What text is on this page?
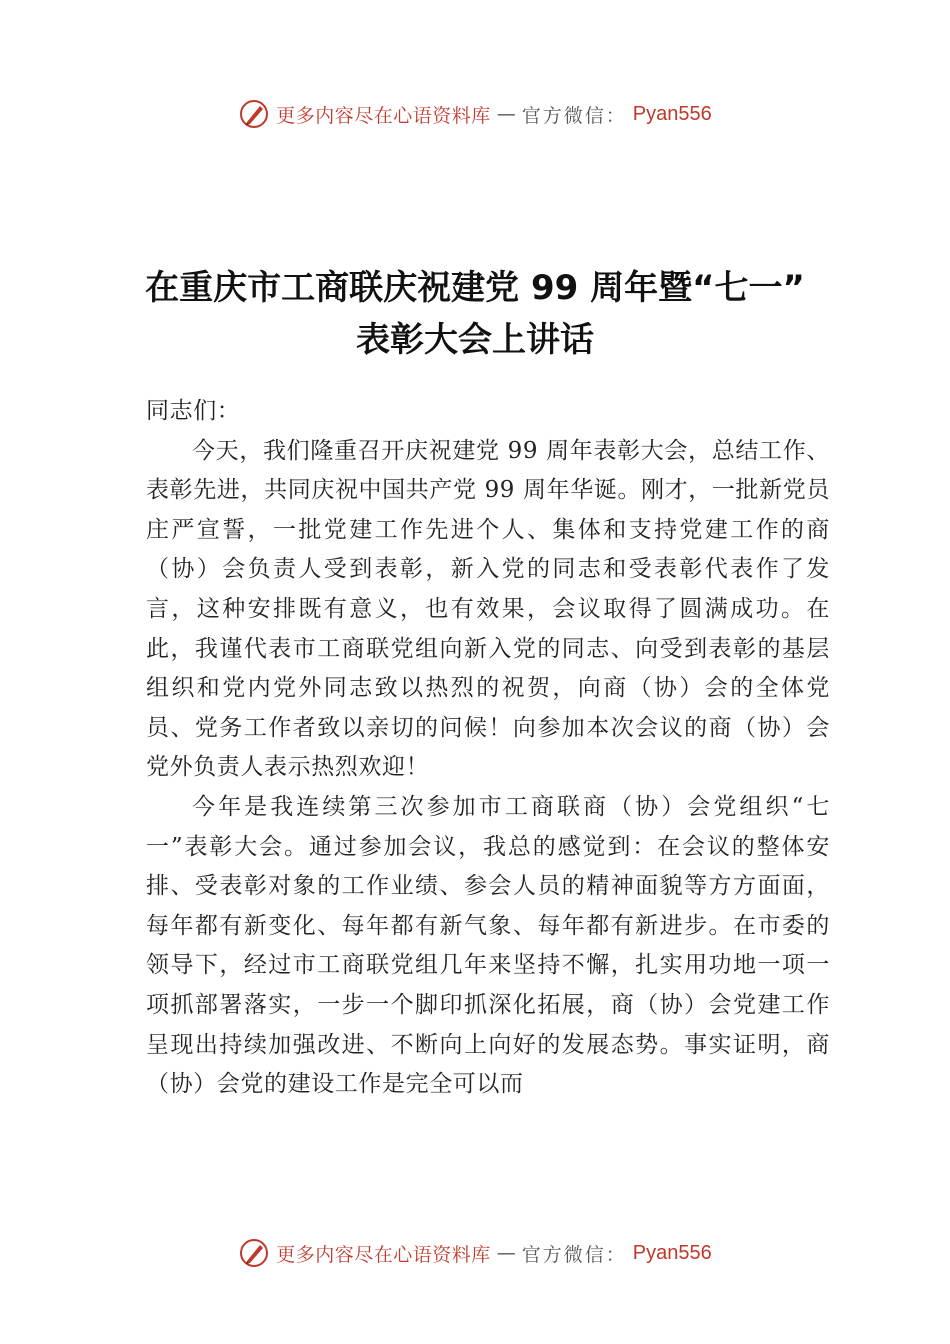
更多内容尽在心语资料库 — 官方微信： Pyan556
在重庆市工商联庆祝建党 99 周年暨“七一”
表彰大会上讲话

同志们：

今天，我们隆重召开庆祝建党 99 周年表彰大会，总结工作、表彰先进，共同庆祝中国共产党 99 周年华诞。刚才，一批新党员庄严宣誓，一批党建工作先进个人、集体和支持党建工作的商（协）会负责人受到表彰，新入党的同志和受表彰代表作了发言，这种安排既有意义，也有效果，会议取得了圆满成功。在此，我谨代表市工商联党组向新入党的同志、向受到表彰的基层组织和党内党外同志致以热烈的祝贺，向商（协）会的全体党员、党务工作者致以亲切的问候！向参加本次会议的商（协）会党外负责人表示热烈欢迎！

今年是我连续第三次参加市工商联商（协）会党组织“七一”表彰大会。通过参加会议，我总的感觉到：在会议的整体安排、受表彰对象的工作业绩、参会人员的精神面貌等方方面面，每年都有新变化、每年都有新气象、每年都有新进步。在市委的领导下，经过市工商联党组几年来坚持不懈，扎实用功地一项一项抓部署落实，一步一个脚印抓深化拓展，商（协）会党建工作呈现出持续加强改进、不断向上向好的发展态势。事实证明，商（协）会党的建设工作是完全可以而

更多内容尽在心语资料库 — 官方微信： Pyan556
